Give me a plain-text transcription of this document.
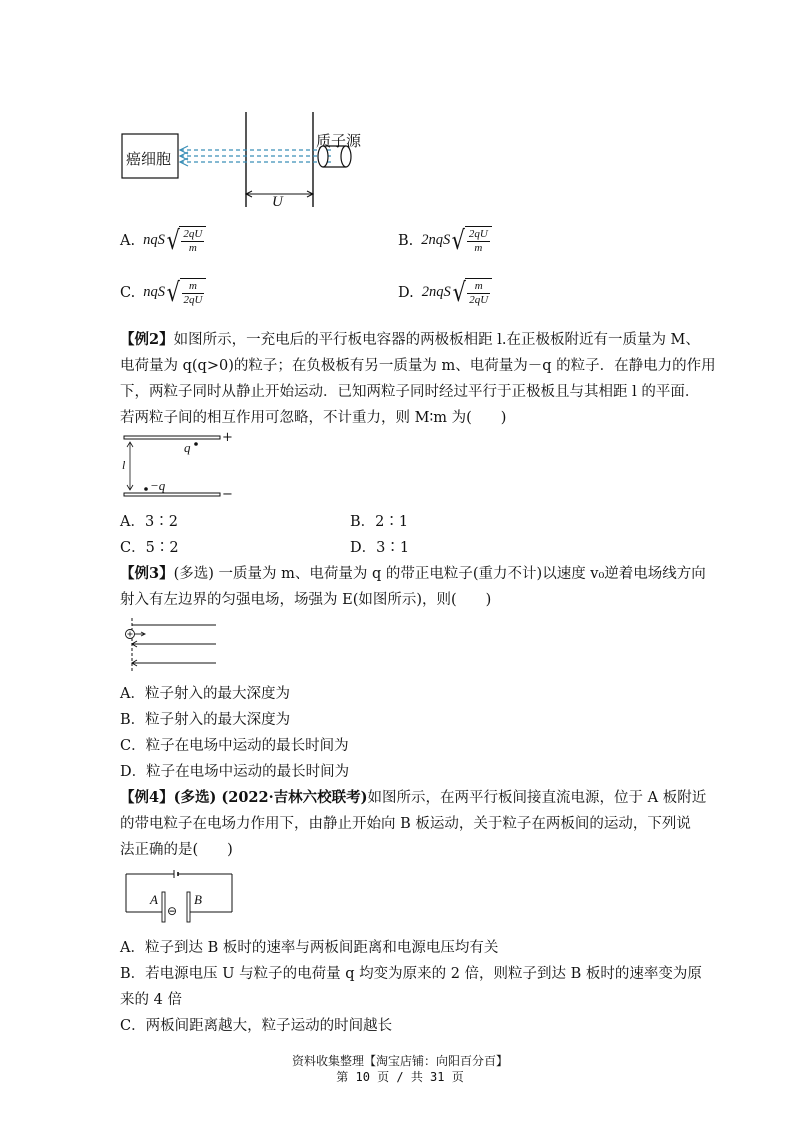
癌细胞
质子源
U
A. nqS √ $\frac{2qU}{m}$	B. 2nqS √ $\frac{2qU}{m}$
C. nqS √ $\frac{m}{2qU}$	D. 2nqS √ $\frac{m}{2qU}$
【例2】如图所示，一充电后的平行板电容器的两极板相距 l.在正极板附近有一质量为 M、
电荷量为 q(q>0)的粒子；在负极板有另一质量为 m、电荷量为－q 的粒子．在静电力的作用
下，两粒子同时从静止开始运动．已知两粒子同时经过平行于正极板且与其相距 l 的平面．
若两粒子间的相互作用可忽略，不计重力，则 M∶m 为(　　)
+
−
q
−q
l
A．3∶2	B．2∶1
C．5∶2	D．3∶1
【例3】(多选) 一质量为 m、电荷量为 q 的带正电粒子(重力不计)以速度 v₀逆着电场线方向
射入有左边界的匀强电场，场强为 E(如图所示)，则(　　)
A．粒子射入的最大深度为
B．粒子射入的最大深度为
C．粒子在电场中运动的最长时间为
D．粒子在电场中运动的最长时间为
【例4】(多选) (2022·吉林六校联考)如图所示，在两平行板间接直流电源，位于 A 板附近
的带电粒子在电场力作用下，由静止开始向 B 板运动，关于粒子在两板间的运动，下列说
法正确的是(　　)
A	B
⊖
A．粒子到达 B 板时的速率与两板间距离和电源电压均有关
B．若电源电压 U 与粒子的电荷量 q 均变为原来的 2 倍，则粒子到达 B 板时的速率变为原
来的 4 倍
C．两板间距离越大，粒子运动的时间越长
资料收集整理【淘宝店铺：向阳百分百】
第 10 页 / 共 31 页
